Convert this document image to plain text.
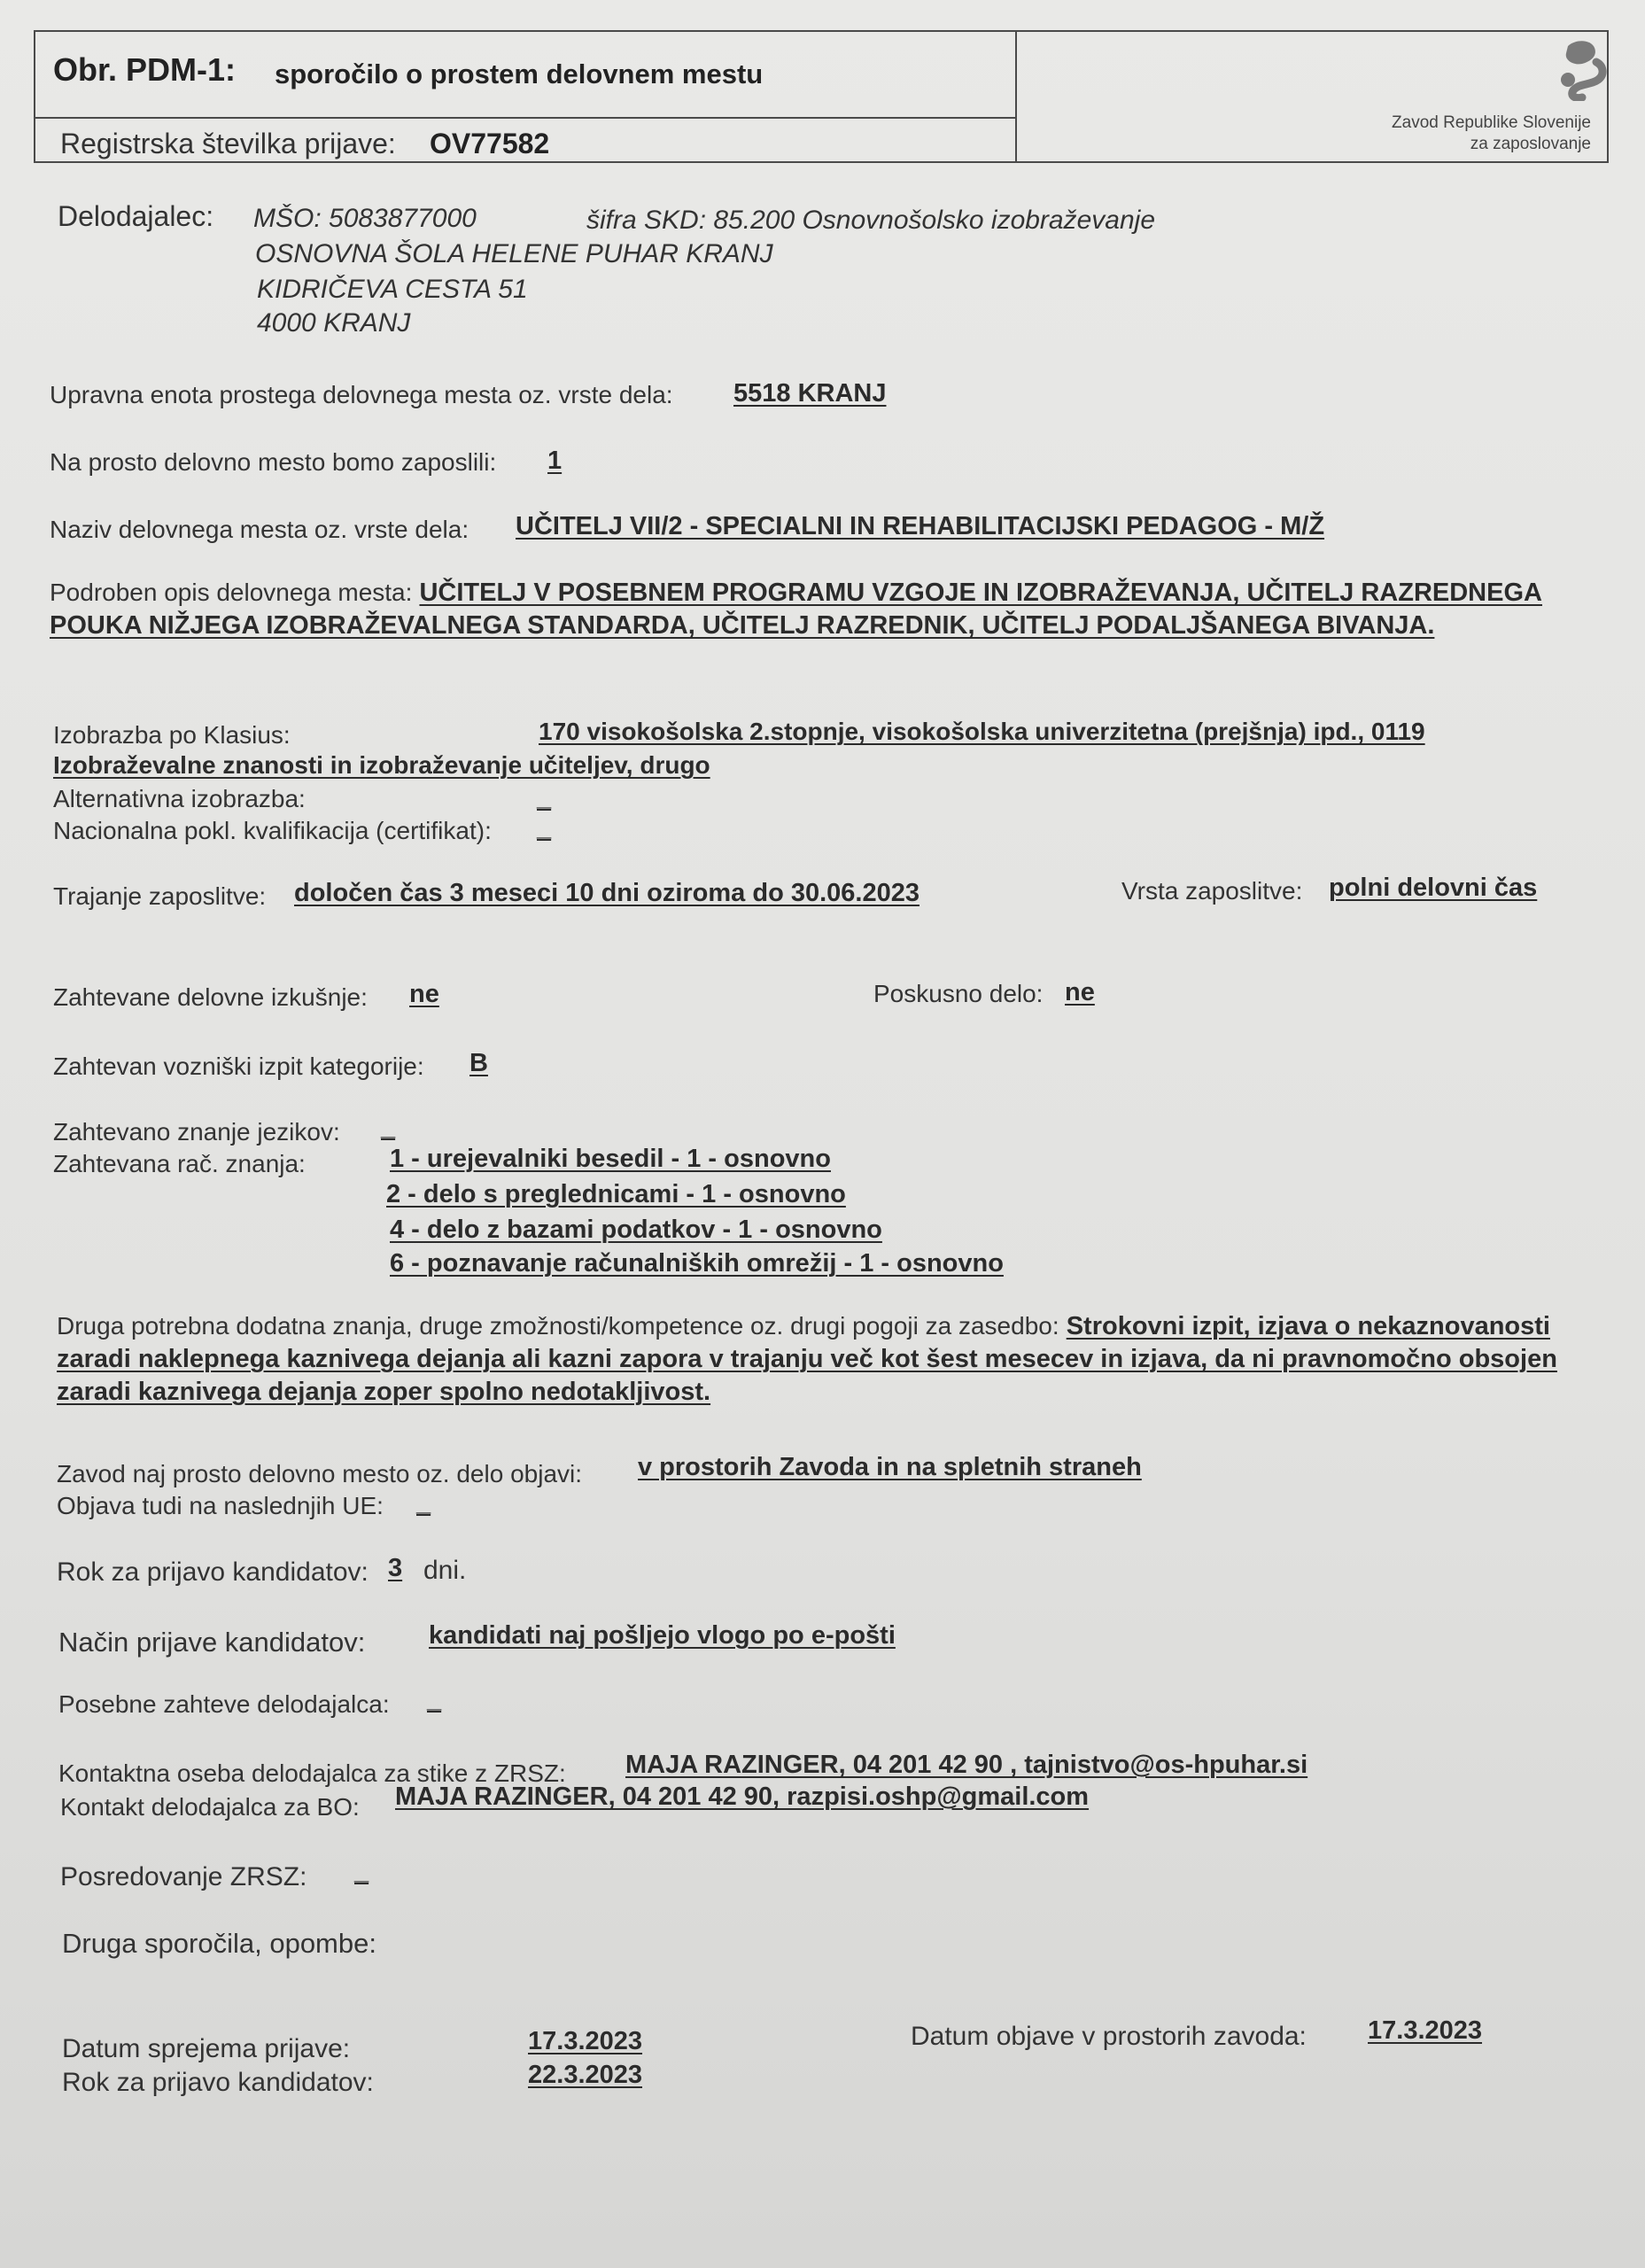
Obr. PDM-1: sporočilo o prostem delovnem mestu
Registrska številka prijave: OV77582
Zavod Republike Slovenije
za zaposlovanje
Delodajalec: MŠO: 5083877000	šifra SKD: 85.200 Osnovnošolsko izobraževanje
OSNOVNA ŠOLA HELENE PUHAR KRANJ
KIDRIČEVA CESTA 51
4000 KRANJ
Upravna enota prostega delovnega mesta oz. vrste dela: 5518 KRANJ
Na prosto delovno mesto bomo zaposlili: 1
Naziv delovnega mesta oz. vrste dela: UČITELJ VII/2 - SPECIALNI IN REHABILITACIJSKI PEDAGOG - M/Ž
Podroben opis delovnega mesta: UČITELJ V POSEBNEM PROGRAMU VZGOJE IN IZOBRAŽEVANJA, UČITELJ RAZREDNEGA POUKA NIŽJEGA IZOBRAŽEVALNEGA STANDARDA, UČITELJ RAZREDNIK, UČITELJ PODALJŠANEGA BIVANJA.
Izobrazba po Klasius:	170 visokošolska 2.stopnje, visokošolska univerzitetna (prejšnja) ipd., 0119
Izobraževalne znanosti in izobraževanje učiteljev, drugo
Alternativna izobrazba:	_
Nacionalna pokl. kvalifikacija (certifikat): _
Trajanje zaposlitve: določen čas 3 meseci 10 dni oziroma do 30.06.2023	Vrsta zaposlitve: polni delovni čas
Zahtevane delovne izkušnje: ne	Poskusno delo: ne
Zahtevan vozniški izpit kategorije: B
Zahtevano znanje jezikov: _
Zahtevana rač. znanja:	1 - urejevalniki besedil - 1 - osnovno
2 - delo s preglednicami - 1 - osnovno
4 - delo z bazami podatkov - 1 - osnovno
6 - poznavanje računalniških omrežij - 1 - osnovno
Druga potrebna dodatna znanja, druge zmožnosti/kompetence oz. drugi pogoji za zasedbo: Strokovni izpit, izjava o nekaznovanosti zaradi naklepnega kaznivega dejanja ali kazni zapora v trajanju več kot šest mesecev in izjava, da ni pravnomočno obsojen zaradi kaznivega dejanja zoper spolno nedotakljivost.
Zavod naj prosto delovno mesto oz. delo objavi: v prostorih Zavoda in na spletnih straneh
Objava tudi na naslednjih UE: _
Rok za prijavo kandidatov: 3 dni.
Način prijave kandidatov: kandidati naj pošljejo vlogo po e-pošti
Posebne zahteve delodajalca: _
Kontaktna oseba delodajalca za stike z ZRSZ: MAJA RAZINGER, 04 201 42 90 , tajnistvo@os-hpuhar.si
Kontakt delodajalca za BO: MAJA RAZINGER, 04 201 42 90, razpisi.oshp@gmail.com
Posredovanje ZRSZ: _
Druga sporočila, opombe:
Datum sprejema prijave:	17.3.2023
Rok za prijavo kandidatov:	22.3.2023
Datum objave v prostorih zavoda: 17.3.2023
